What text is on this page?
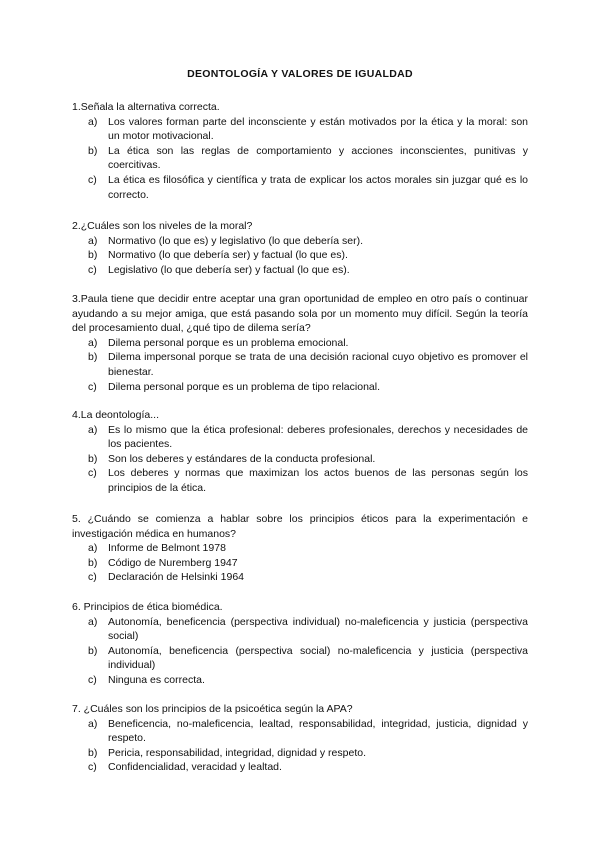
DEONTOLOGÍA Y VALORES DE IGUALDAD

1.Señala la alternativa correcta.

a) Los valores forman parte del inconsciente y están motivados por la ética y la moral: son un motor motivacional.
b) La ética son las reglas de comportamiento y acciones inconscientes, punitivas y coercitivas.
c) La ética es filosófica y científica y trata de explicar los actos morales sin juzgar qué es lo correcto.

2.¿Cuáles son los niveles de la moral?

a) Normativo (lo que es) y legislativo (lo que debería ser).
b) Normativo (lo que debería ser) y factual (lo que es).
c) Legislativo (lo que debería ser) y factual (lo que es).

3.Paula tiene que decidir entre aceptar una gran oportunidad de empleo en otro país o continuar ayudando a su mejor amiga, que está pasando sola por un momento muy difícil. Según la teoría del procesamiento dual, ¿qué tipo de dilema sería?

a) Dilema personal porque es un problema emocional.
b) Dilema impersonal porque se trata de una decisión racional cuyo objetivo es promover el bienestar.
c) Dilema personal porque es un problema de tipo relacional.

4.La deontología...

a) Es lo mismo que la ética profesional: deberes profesionales, derechos y necesidades de los pacientes.
b) Son los deberes y estándares de la conducta profesional.
c) Los deberes y normas que maximizan los actos buenos de las personas según los principios de la ética.

5. ¿Cuándo se comienza a hablar sobre los principios éticos para la experimentación e investigación médica en humanos?

a) Informe de Belmont 1978
b) Código de Nuremberg 1947
c) Declaración de Helsinki 1964

6. Principios de ética biomédica.

a) Autonomía, beneficencia (perspectiva individual) no-maleficencia y justicia (perspectiva social)
b) Autonomía, beneficencia (perspectiva social) no-maleficencia y justicia (perspectiva individual)
c) Ninguna es correcta.

7. ¿Cuáles son los principios de la psicoética según la APA?

a) Beneficencia, no-maleficencia, lealtad, responsabilidad, integridad, justicia, dignidad y respeto.
b) Pericia, responsabilidad, integridad, dignidad y respeto.
c) Confidencialidad, veracidad y lealtad.
